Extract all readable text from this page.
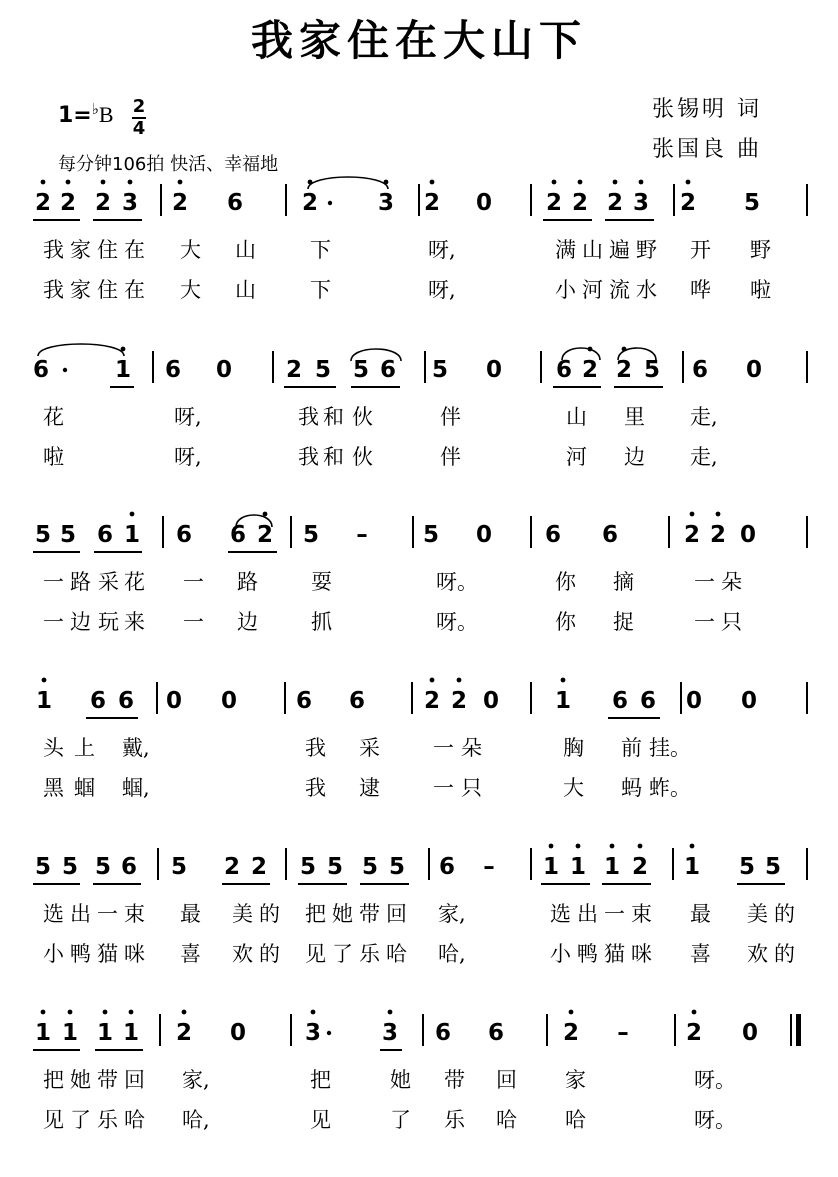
我家住在大山下
1=♭B 2
4
每分钟106拍 快活、幸福地
张锡明 词
张国良 曲
2 2 2 3 2 6	2	3 2 0 2 2 2 3 2 5
我 家 住 在 大 山	下	呀,	满 山 遍 野 开 野
我 家 住 在 大 山	下	呀,	小 河 流 水 哗 啦
6	1 6 0 2 5 5 6 5 0 6 2 2 5 6 0
花	呀,	我 和 伙	伴	山 里 走,
啦	呀,	我 和 伙	伴	河 边 走,
5 5 6 1 6 6 2 5 – 5 0 6 6	2 2 0
一 路 采 花 一 路	耍	呀。	你 摘	一 朵
一 边 玩 来 一 边	抓	呀。	你 捉	一 只
1 6 6 0 0	6 6	2 2 0 1 6 6 0 0
头 上 戴,	我 采	一 朵	胸 前 挂。
黑 蝈 蝈,	我 逮	一 只	大 蚂 蚱。
5 5 5 6 5 2 2 5 5 5 5 6 – 1 1 1 2 1 5 5
选 出 一 束 最 美 的 把 她 带 回 家,	选 出 一 束 最 美 的
小 鸭 猫 咪 喜 欢 的 见 了 乐 哈 哈,	小 鸭 猫 咪 喜 欢 的
1 1 1 1 2 0	3	3 6 6	2 – 2 0
把 她 带 回 家,	把	她 带 回 家	呀。
见 了 乐 哈 哈,	见	了 乐 哈 哈	呀。
